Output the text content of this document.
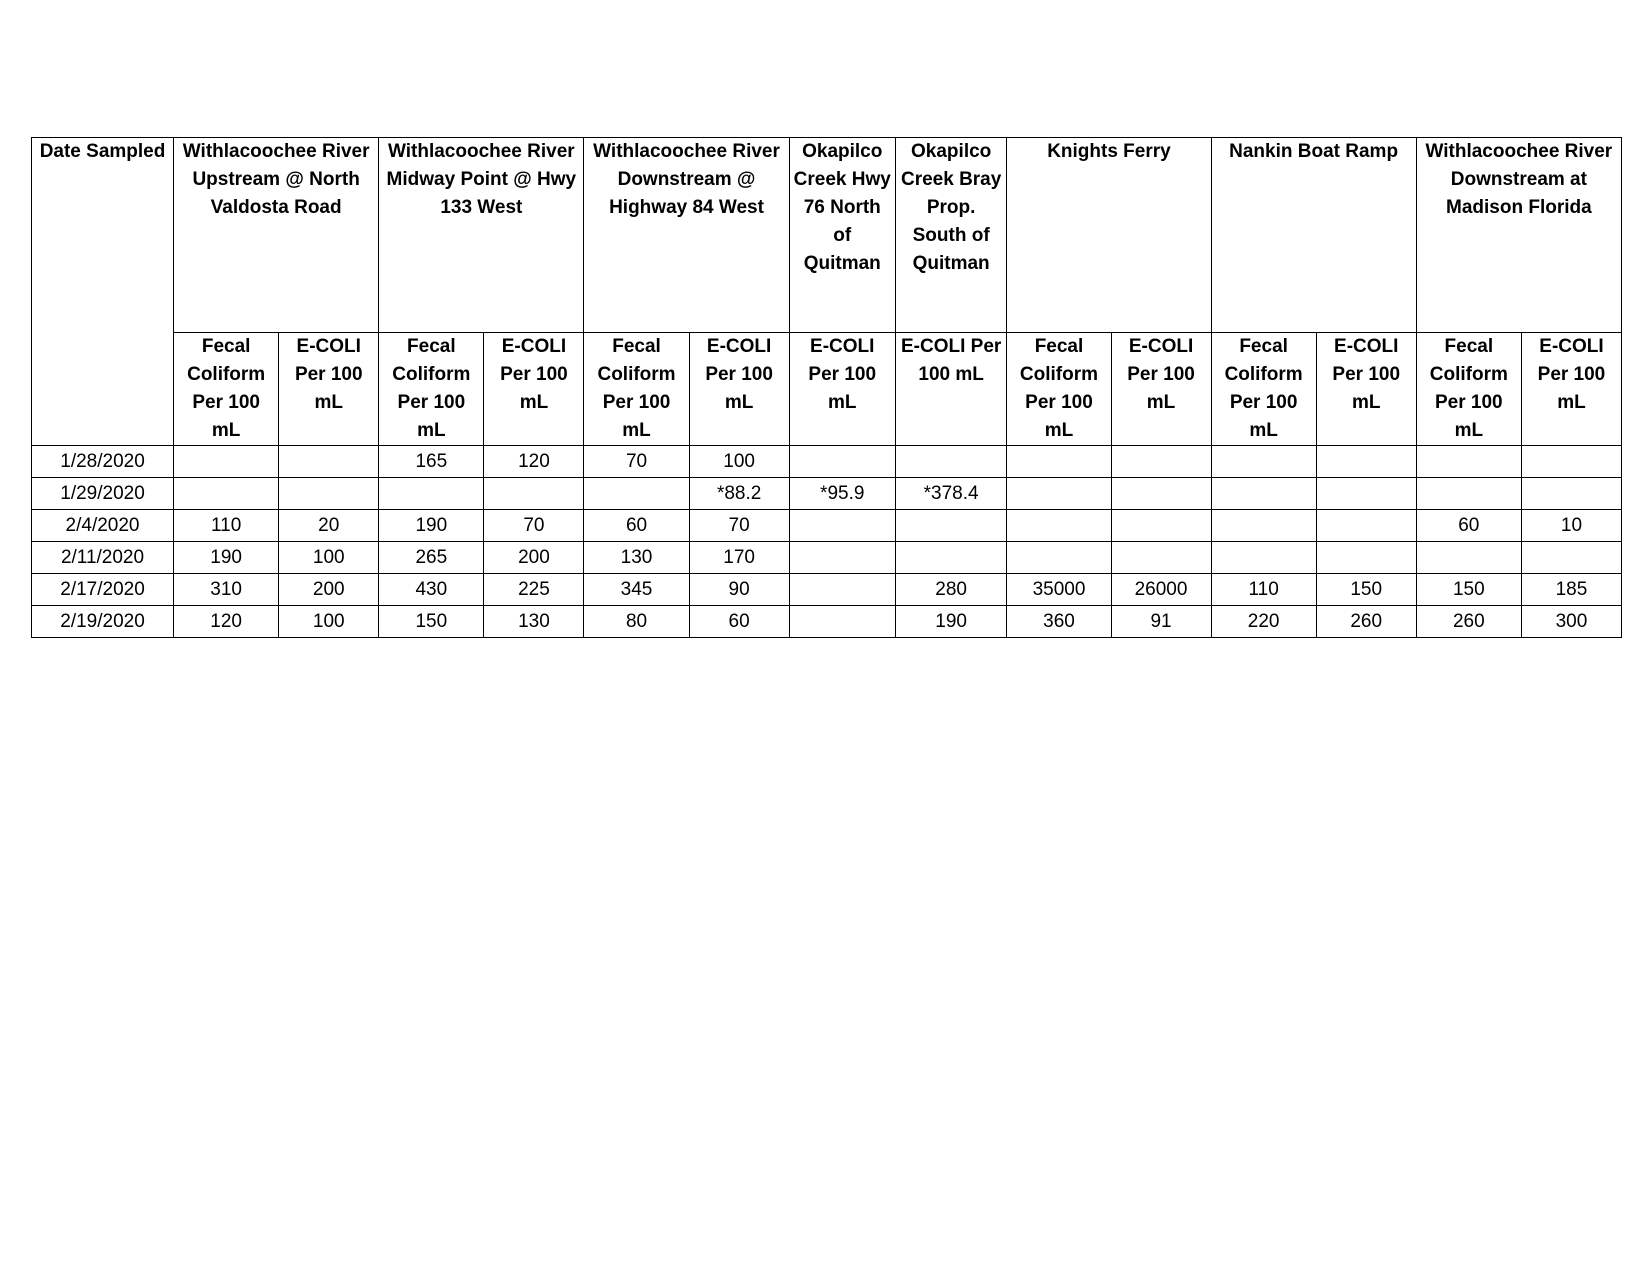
Date Sampled	Withlacoochee River Upstream @ North Valdosta Road		Withlacoochee River Midway Point @ Hwy 133 West		Withlacoochee River Downstream @ Highway 84 West		Okapilco Creek Hwy 76 North of Quitman	Okapilco Creek Bray Prop. South of Quitman	Knights Ferry		Nankin Boat Ramp		Withlacoochee River Downstream at Madison Florida	
	Fecal Coliform Per 100 mL	E-COLI Per 100 mL	Fecal Coliform Per 100 mL	E-COLI Per 100 mL	Fecal Coliform Per 100 mL	E-COLI Per 100 mL	E-COLI Per 100 mL	E-COLI Per 100 mL	Fecal Coliform Per 100 mL	E-COLI Per 100 mL	Fecal Coliform Per 100 mL	E-COLI Per 100 mL	Fecal Coliform Per 100 mL	E-COLI Per 100 mL
1/28/2020			165	120	70	100								
1/29/2020						*88.2	*95.9	*378.4						
2/4/2020	110	20	190	70	60	70							60	10
2/11/2020	190	100	265	200	130	170								
2/17/2020	310	200	430	225	345	90		280	35000	26000	110	150	150	185
2/19/2020	120	100	150	130	80	60		190	360	91	220	260	260	300
